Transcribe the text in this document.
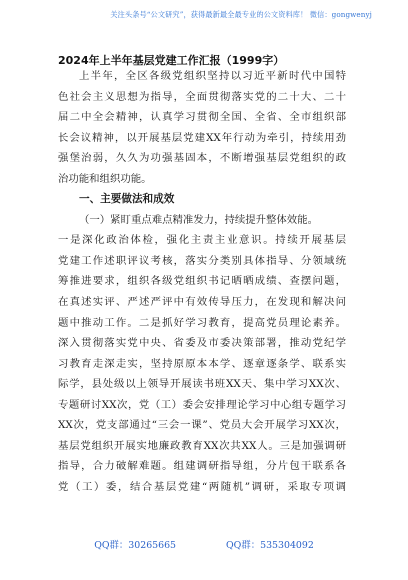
关注头条号“公文研究”，获得最新最全最专业的公文资料库！ 微信：gongwenyj
2024年上半年基层党建工作汇报（1999字）
上半年，全区各级党组织坚持以习近平新时代中国特
色社会主义思想为指导，全面贯彻落实党的二十大、二十
届二中全会精神，认真学习贯彻全国、全省、全市组织部
长会议精神，以开展基层党建XX年行动为牵引，持续用劲
强堡治弱，久久为功强基固本，不断增强基层党组织的政
治功能和组织功能。
一、主要做法和成效
（一）紧盯重点难点精准发力，持续提升整体效能。
一是深化政治体检，强化主责主业意识。持续开展基层
党建工作述职评议考核，落实分类别具体指导、分领域统
筹推进要求，组织各级党组织书记晒晒成绩、查摆问题，
在真述实评、严述严评中有效传导压力，在发现和解决问
题中推动工作。二是抓好学习教育，提高党员理论素养。
深入贯彻落实党中央、省委及市委决策部署，推动党纪学
习教育走深走实，坚持原原本本学、逐章逐条学、联系实
际学，县处级以上领导开展读书班XX天、集中学习XX次、
专题研讨XX次，党（工）委会安排理论学习中心组专题学习
XX次，党支部通过“三会一课”、党员大会开展学习XX次，
基层党组织开展实地廉政教育XX次共XX人。三是加强调研
指导，合力破解难题。组建调研指导组，分片包干联系各
党（工）委，结合基层党建“两随机”调研，采取专项调
QQ群：30265665	QQ群：535304092
